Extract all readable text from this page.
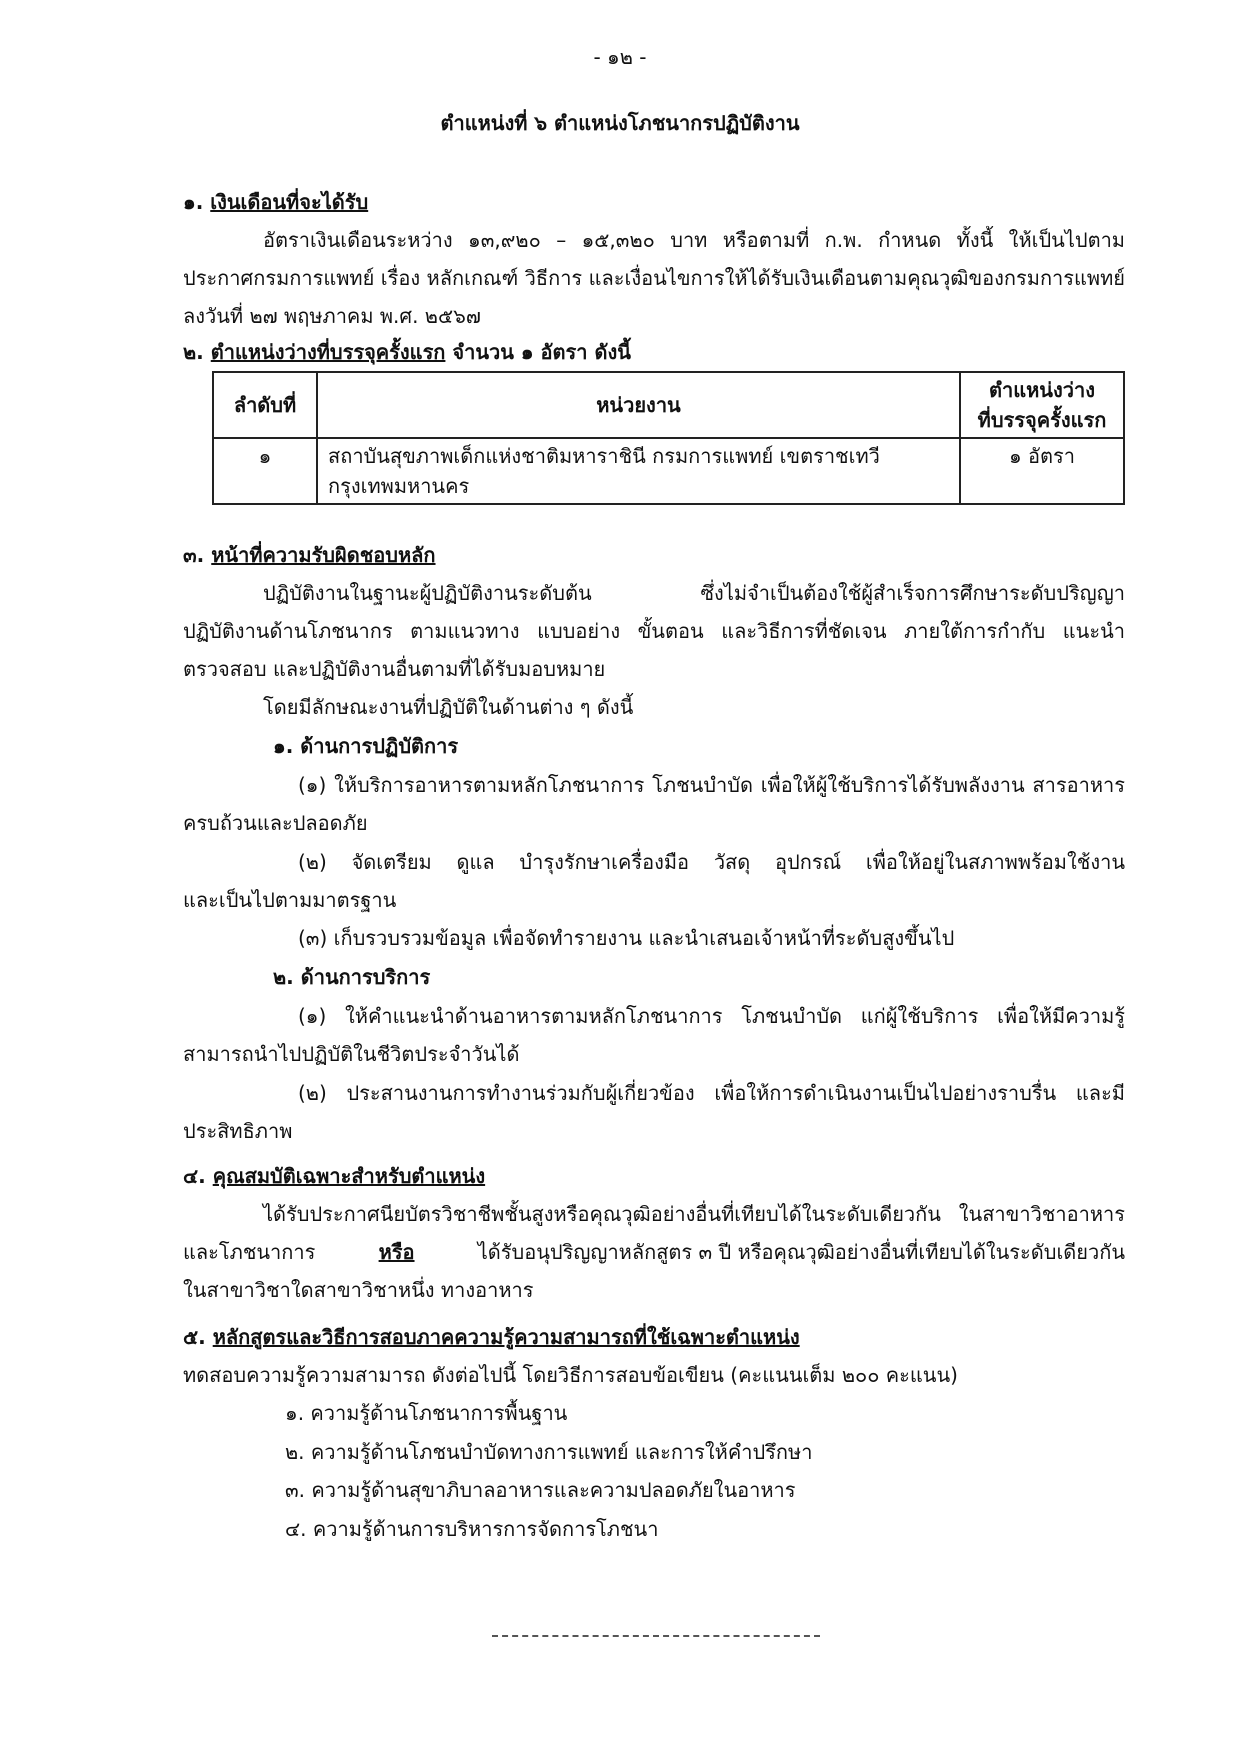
- ๑๒ -
ตำแหน่งที่ ๖ ตำแหน่งโภชนากรปฏิบัติงาน
๑. เงินเดือนที่จะได้รับ
อัตราเงินเดือนระหว่าง ๑๓,๙๒๐ – ๑๕,๓๒๐ บาท หรือตามที่ ก.พ. กำหนด ทั้งนี้ ให้เป็นไปตาม
ประกาศกรมการแพทย์ เรื่อง หลักเกณฑ์ วิธีการ และเงื่อนไขการให้ได้รับเงินเดือนตามคุณวุฒิของกรมการแพทย์
ลงวันที่ ๒๗ พฤษภาคม พ.ศ. ๒๕๖๗
๒. ตำแหน่งว่างที่บรรจุครั้งแรก จำนวน ๑ อัตรา ดังนี้
ลำดับที่	หน่วยงาน	ตำแหน่งว่าง
ที่บรรจุครั้งแรก

๑	สถาบันสุขภาพเด็กแห่งชาติมหาราชินี กรมการแพทย์ เขตราชเทวี
กรุงเทพมหานคร	๑ อัตรา
๓. หน้าที่ความรับผิดชอบหลัก
ปฏิบัติงานในฐานะผู้ปฏิบัติงานระดับต้น ซึ่งไม่จำเป็นต้องใช้ผู้สำเร็จการศึกษาระดับปริญญา
ปฏิบัติงานด้านโภชนากร ตามแนวทาง แบบอย่าง ขั้นตอน และวิธีการที่ชัดเจน ภายใต้การกำกับ แนะนำ
ตรวจสอบ และปฏิบัติงานอื่นตามที่ได้รับมอบหมาย
โดยมีลักษณะงานที่ปฏิบัติในด้านต่าง ๆ ดังนี้
๑. ด้านการปฏิบัติการ
(๑) ให้บริการอาหารตามหลักโภชนาการ โภชนบำบัด เพื่อให้ผู้ใช้บริการได้รับพลังงาน สารอาหาร
ครบถ้วนและปลอดภัย
(๒) จัดเตรียม ดูแล บำรุงรักษาเครื่องมือ วัสดุ อุปกรณ์ เพื่อให้อยู่ในสภาพพร้อมใช้งาน
และเป็นไปตามมาตรฐาน
(๓) เก็บรวบรวมข้อมูล เพื่อจัดทำรายงาน และนำเสนอเจ้าหน้าที่ระดับสูงขึ้นไป
๒. ด้านการบริการ
(๑) ให้คำแนะนำด้านอาหารตามหลักโภชนาการ โภชนบำบัด แก่ผู้ใช้บริการ เพื่อให้มีความรู้
สามารถนำไปปฏิบัติในชีวิตประจำวันได้
(๒) ประสานงานการทำงานร่วมกับผู้เกี่ยวข้อง เพื่อให้การดำเนินงานเป็นไปอย่างราบรื่น และมี
ประสิทธิภาพ
๔. คุณสมบัติเฉพาะสำหรับตำแหน่ง
ได้รับประกาศนียบัตรวิชาชีพชั้นสูงหรือคุณวุฒิอย่างอื่นที่เทียบได้ในระดับเดียวกัน ในสาขาวิชาอาหาร
และโภชนาการ	หรือ	ได้รับอนุปริญญาหลักสูตร ๓ ปี หรือคุณวุฒิอย่างอื่นที่เทียบได้ในระดับเดียวกัน
ในสาขาวิชาใดสาขาวิชาหนึ่ง ทางอาหาร
๕. หลักสูตรและวิธีการสอบภาคความรู้ความสามารถที่ใช้เฉพาะตำแหน่ง
ทดสอบความรู้ความสามารถ ดังต่อไปนี้ โดยวิธีการสอบข้อเขียน (คะแนนเต็ม ๒๐๐ คะแนน)
๑. ความรู้ด้านโภชนาการพื้นฐาน
๒. ความรู้ด้านโภชนบำบัดทางการแพทย์ และการให้คำปรึกษา
๓. ความรู้ด้านสุขาภิบาลอาหารและความปลอดภัยในอาหาร
๔. ความรู้ด้านการบริหารการจัดการโภชนา
